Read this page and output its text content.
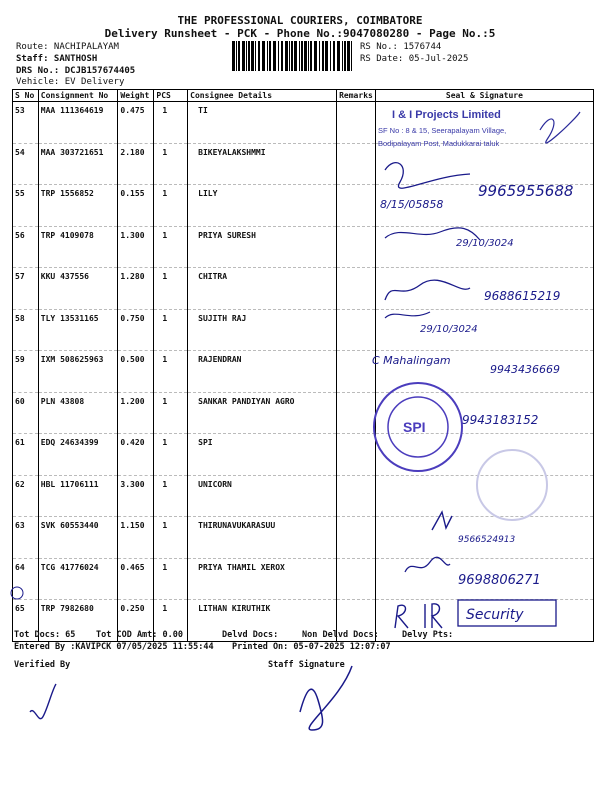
THE PROFESSIONAL COURIERS, COIMBATORE
Delivery Runsheet - PCK - Phone No.:9047080280 - Page No.:5
Route: NACHIPALAYAM
Staff: SANTHOSH
DRS No.: DCJB157674405
Vehicle: EV Delivery
RS No.: 1576744
RS Date: 05-Jul-2025
S No	Consignment No	Weight	PCS	Consignee Details	Remarks	Seal & Signature
53	MAA 111364619	0.475	1	TI		
54	MAA 303721651	2.180	1	BIKEYALAKSHMMI		
55	TRP 1556852	0.155	1	LILY		
56	TRP 4109078	1.300	1	PRIYA SURESH		
57	KKU 437556	1.280	1	CHITRA		
58	TLY 13531165	0.750	1	SUJITH RAJ		
59	IXM 508625963	0.500	1	RAJENDRAN		
60	PLN 43808	1.200	1	SANKAR PANDIYAN AGRO		
61	EDQ 24634399	0.420	1	SPI		
62	HBL 11706111	3.300	1	UNICORN		
63	SVK 60553440	1.150	1	THIRUNAVUKARASUU		
64	TCG 41776024	0.465	1	PRIYA THAMIL XEROX		
65	TRP 7982680	0.250	1	LITHAN KIRUTHIK		
I & I Projects Limited
SF No : 8 & 15, Seerapalayam Village,
Bodipalayam Post, Madukkarai taluk
8/15/05858
9965955688
29/10/3024
9688615219
29/10/3024
C Mahalingam
9943436669
SPI	9943183152
9566524913
9698806271
Security
Tot Docs: 65 Tot COD Amt: 0.00	Delvd Docs:	Non Delvd Docs:	Delvy Pts:
Entered By :KAVIPCK 07/05/2025 11:55:44 Printed On: 05-07-2025 12:07:07
Verified By	Staff Signature
